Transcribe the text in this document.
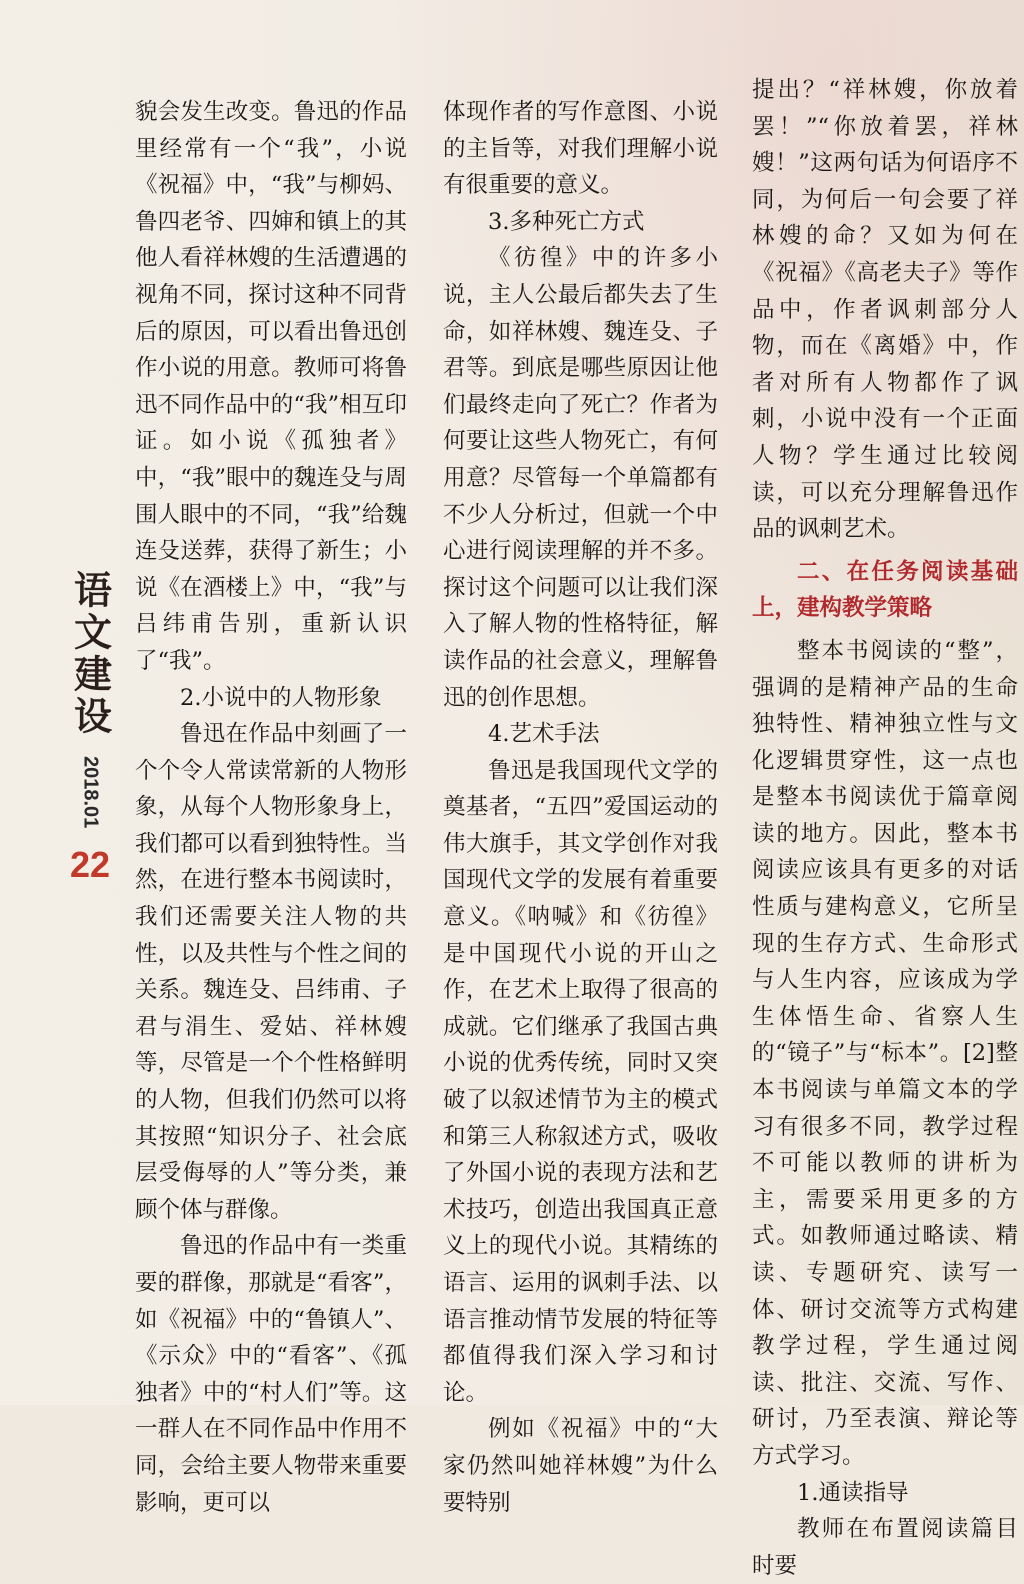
语文建设
2018.01
22

貌会发生改变。鲁迅的作品里经常有一个“我”，小说《祝福》中，“我”与柳妈、鲁四老爷、四婶和镇上的其他人看祥林嫂的生活遭遇的视角不同，探讨这种不同背后的原因，可以看出鲁迅创作小说的用意。教师可将鲁迅不同作品中的“我”相互印证。如小说《孤独者》中，“我”眼中的魏连殳与周围人眼中的不同，“我”给魏连殳送葬，获得了新生；小说《在酒楼上》中，“我”与吕纬甫告别，重新认识了“我”。

2.小说中的人物形象

鲁迅在作品中刻画了一个个令人常读常新的人物形象，从每个人物形象身上，我们都可以看到独特性。当然，在进行整本书阅读时，我们还需要关注人物的共性，以及共性与个性之间的关系。魏连殳、吕纬甫、子君与涓生、爱姑、祥林嫂等，尽管是一个个性格鲜明的人物，但我们仍然可以将其按照“知识分子、社会底层受侮辱的人”等分类，兼顾个体与群像。

鲁迅的作品中有一类重要的群像，那就是“看客”，如《祝福》中的“鲁镇人”、《示众》中的“看客”、《孤独者》中的“村人们”等。这一群人在不同作品中作用不同，会给主要人物带来重要影响，更可以

体现作者的写作意图、小说的主旨等，对我们理解小说有很重要的意义。

3.多种死亡方式

《彷徨》中的许多小说，主人公最后都失去了生命，如祥林嫂、魏连殳、子君等。到底是哪些原因让他们最终走向了死亡？作者为何要让这些人物死亡，有何用意？尽管每一个单篇都有不少人分析过，但就一个中心进行阅读理解的并不多。探讨这个问题可以让我们深入了解人物的性格特征，解读作品的社会意义，理解鲁迅的创作思想。

4.艺术手法

鲁迅是我国现代文学的奠基者，“五四”爱国运动的伟大旗手，其文学创作对我国现代文学的发展有着重要意义。《呐喊》和《彷徨》是中国现代小说的开山之作，在艺术上取得了很高的成就。它们继承了我国古典小说的优秀传统，同时又突破了以叙述情节为主的模式和第三人称叙述方式，吸收了外国小说的表现方法和艺术技巧，创造出我国真正意义上的现代小说。其精练的语言、运用的讽刺手法、以语言推动情节发展的特征等都值得我们深入学习和讨论。

例如《祝福》中的“大家仍然叫她祥林嫂”为什么要特别

提出？“祥林嫂，你放着罢！”“你放着罢，祥林嫂！”这两句话为何语序不同，为何后一句会要了祥林嫂的命？又如为何在《祝福》《高老夫子》等作品中，作者讽刺部分人物，而在《离婚》中，作者对所有人物都作了讽刺，小说中没有一个正面人物？学生通过比较阅读，可以充分理解鲁迅作品的讽刺艺术。

二、在任务阅读基础上，建构教学策略

整本书阅读的“整”，强调的是精神产品的生命独特性、精神独立性与文化逻辑贯穿性，这一点也是整本书阅读优于篇章阅读的地方。因此，整本书阅读应该具有更多的对话性质与建构意义，它所呈现的生存方式、生命形式与人生内容，应该成为学生体悟生命、省察人生的“镜子”与“标本”。[2]整本书阅读与单篇文本的学习有很多不同，教学过程不可能以教师的讲析为主，需要采用更多的方式。如教师通过略读、精读、专题研究、读写一体、研讨交流等方式构建教学过程，学生通过阅读、批注、交流、写作、研讨，乃至表演、辩论等方式学习。

1.通读指导

教师在布置阅读篇目时要
